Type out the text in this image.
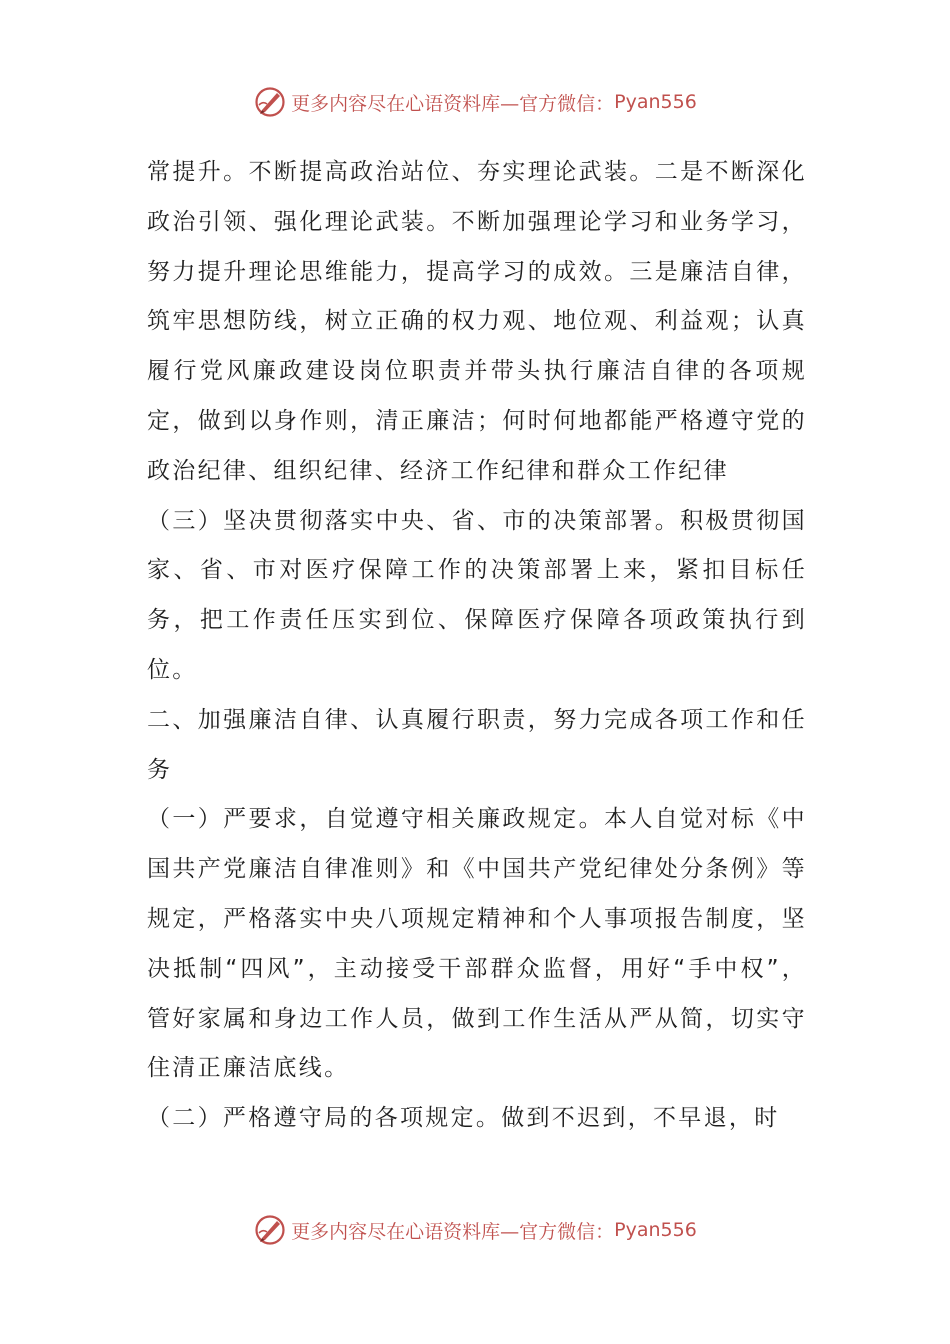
更多内容尽在心语资料库—官方微信： Pyan556

常提升。不断提高政治站位、夯实理论武装。二是不断深化政治引领、强化理论武装。不断加强理论学习和业务学习，努力提升理论思维能力，提高学习的成效。三是廉洁自律，筑牢思想防线，树立正确的权力观、地位观、利益观；认真履行党风廉政建设岗位职责并带头执行廉洁自律的各项规定，做到以身作则，清正廉洁；何时何地都能严格遵守党的政治纪律、组织纪律、经济工作纪律和群众工作纪律

（三）坚决贯彻落实中央、省、市的决策部署。积极贯彻国家、省、市对医疗保障工作的决策部署上来，紧扣目标任务，把工作责任压实到位、保障医疗保障各项政策执行到位。

二、加强廉洁自律、认真履行职责，努力完成各项工作和任务

（一）严要求，自觉遵守相关廉政规定。本人自觉对标《中国共产党廉洁自律准则》和《中国共产党纪律处分条例》等规定，严格落实中央八项规定精神和个人事项报告制度，坚决抵制“四风”，主动接受干部群众监督，用好“手中权”，管好家属和身边工作人员，做到工作生活从严从简，切实守住清正廉洁底线。

（二）严格遵守局的各项规定。做到不迟到，不早退，时

更多内容尽在心语资料库—官方微信： Pyan556
